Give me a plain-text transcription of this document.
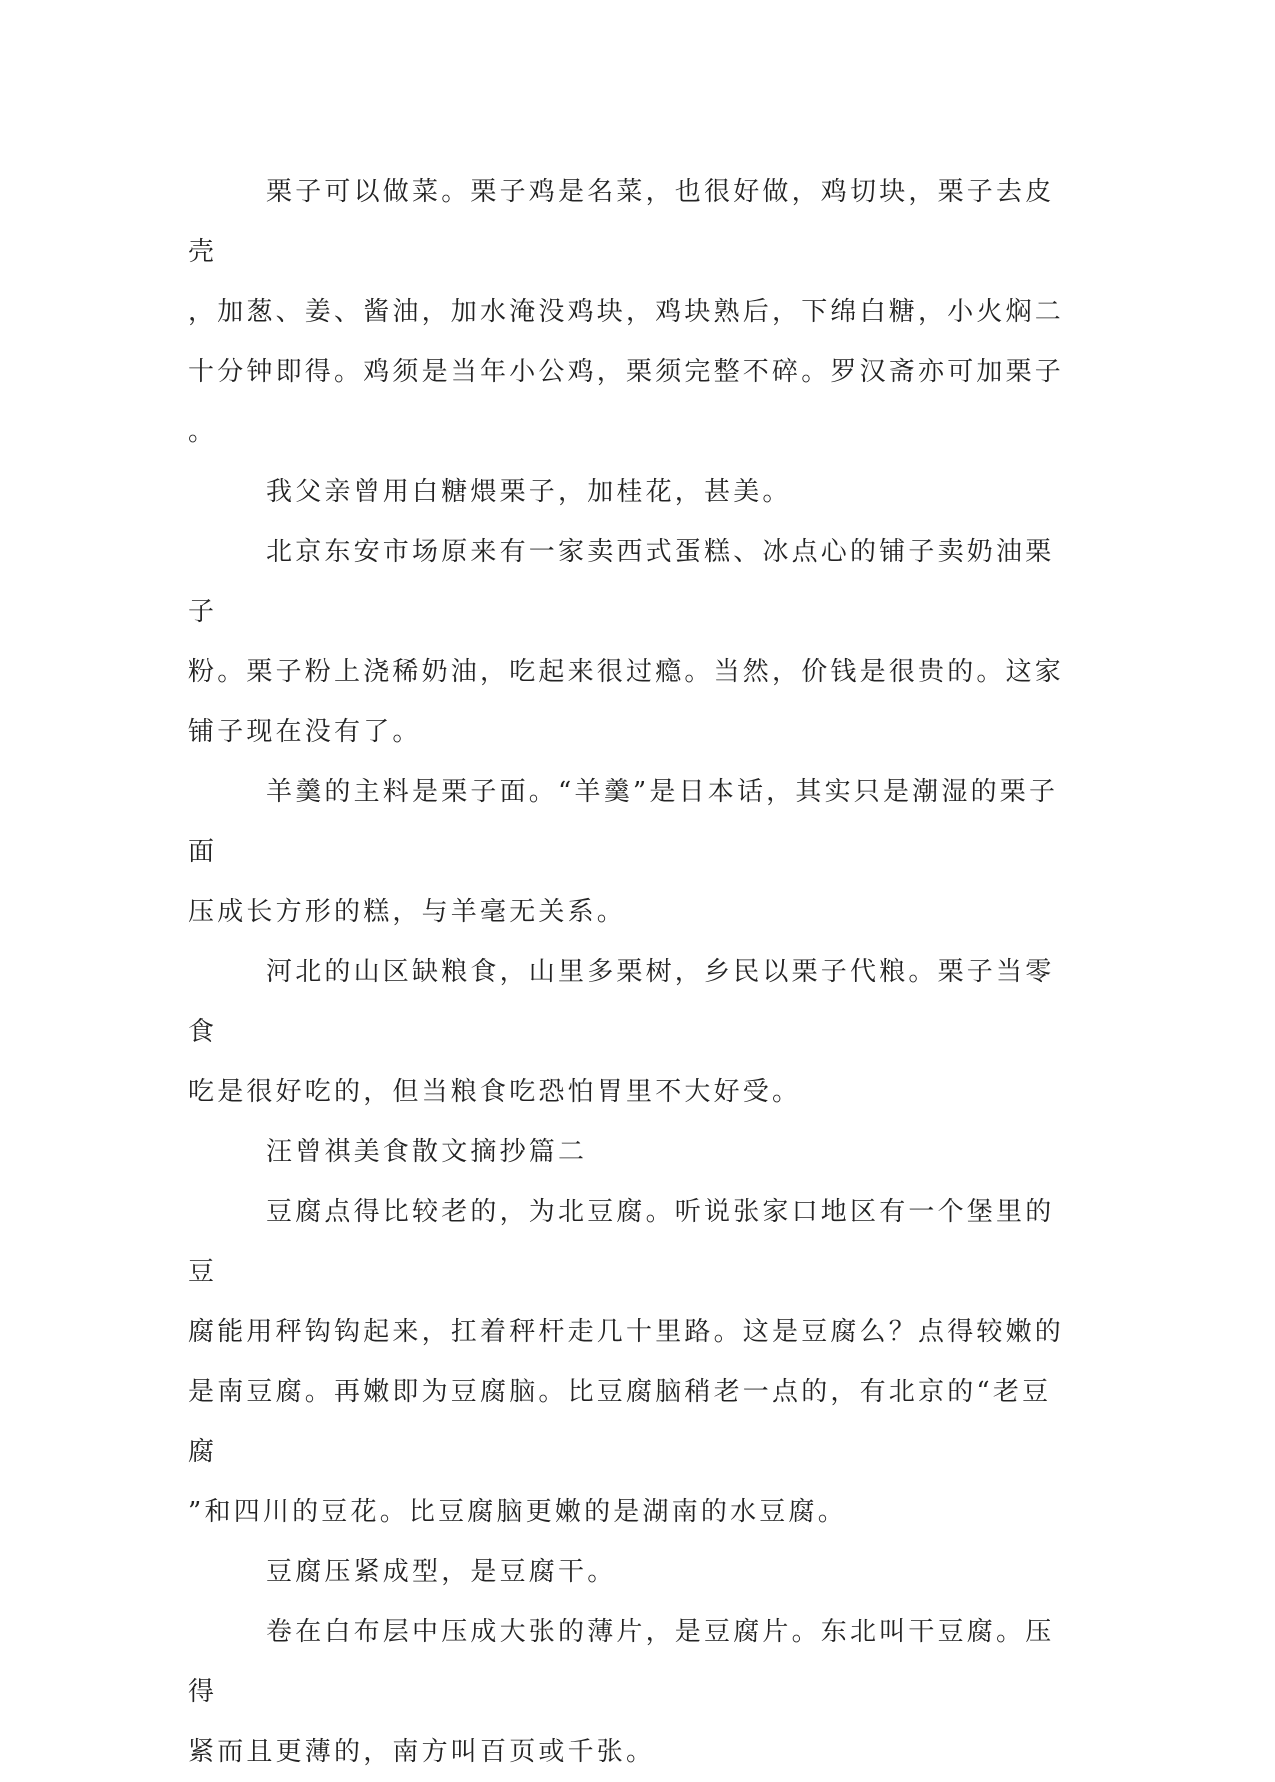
栗子可以做菜。栗子鸡是名菜，也很好做，鸡切块，栗子去皮壳
，加葱、姜、酱油，加水淹没鸡块，鸡块熟后，下绵白糖，小火焖二
十分钟即得。鸡须是当年小公鸡，栗须完整不碎。罗汉斋亦可加栗子
。

我父亲曾用白糖煨栗子，加桂花，甚美。

北京东安市场原来有一家卖西式蛋糕、冰点心的铺子卖奶油栗子
粉。栗子粉上浇稀奶油，吃起来很过瘾。当然，价钱是很贵的。这家
铺子现在没有了。

羊羹的主料是栗子面。“羊羹”是日本话，其实只是潮湿的栗子面
压成长方形的糕，与羊毫无关系。

河北的山区缺粮食，山里多栗树，乡民以栗子代粮。栗子当零食
吃是很好吃的，但当粮食吃恐怕胃里不大好受。

汪曾祺美食散文摘抄篇二

豆腐点得比较老的，为北豆腐。听说张家口地区有一个堡里的豆
腐能用秤钩钩起来，扛着秤杆走几十里路。这是豆腐么？点得较嫩的
是南豆腐。再嫩即为豆腐脑。比豆腐脑稍老一点的，有北京的“老豆腐
”和四川的豆花。比豆腐脑更嫩的是湖南的水豆腐。

豆腐压紧成型，是豆腐干。

卷在白布层中压成大张的薄片，是豆腐片。东北叫干豆腐。压得
紧而且更薄的，南方叫百页或千张。
